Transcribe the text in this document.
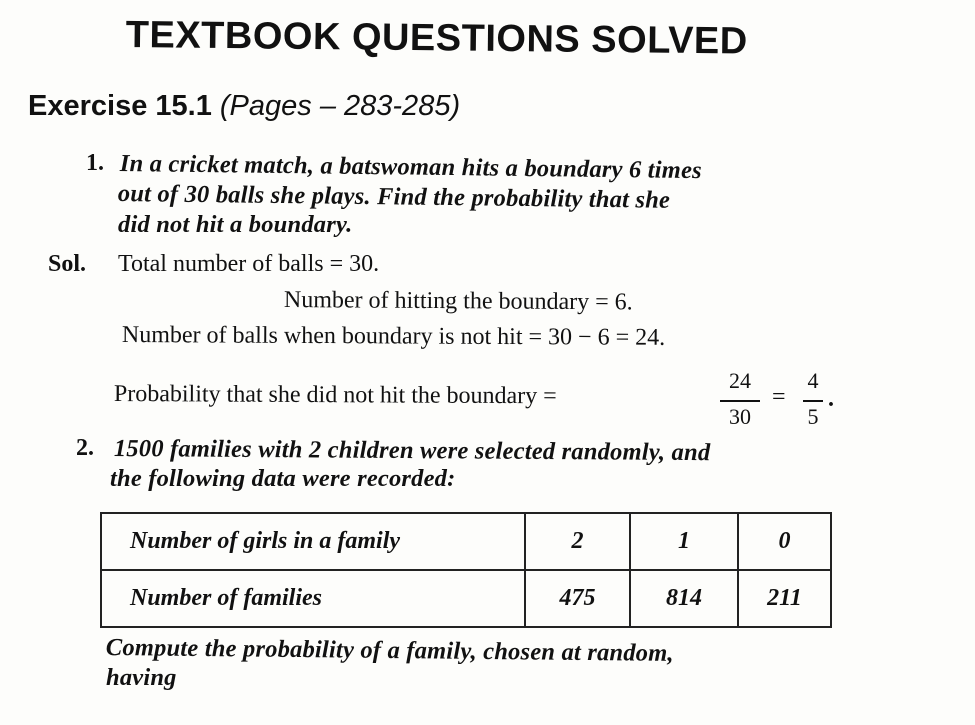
TEXTBOOK QUESTIONS SOLVED
Exercise 15.1 (Pages – 283-285)
1. In a cricket match, a batswoman hits a boundary 6 times
out of 30 balls she plays. Find the probability that she
did not hit a boundary.
Sol. Total number of balls = 30.
Number of hitting the boundary = 6.
Number of balls when boundary is not hit = 30 − 6 = 24.
Probability that she did not hit the boundary =
24
30
=
4
5
.
2. 1500 families with 2 children were selected randomly, and
the following data were recorded:
Number of girls in a family	2	1	0
Number of families	475	814	211
Compute the probability of a family, chosen at random,
having
